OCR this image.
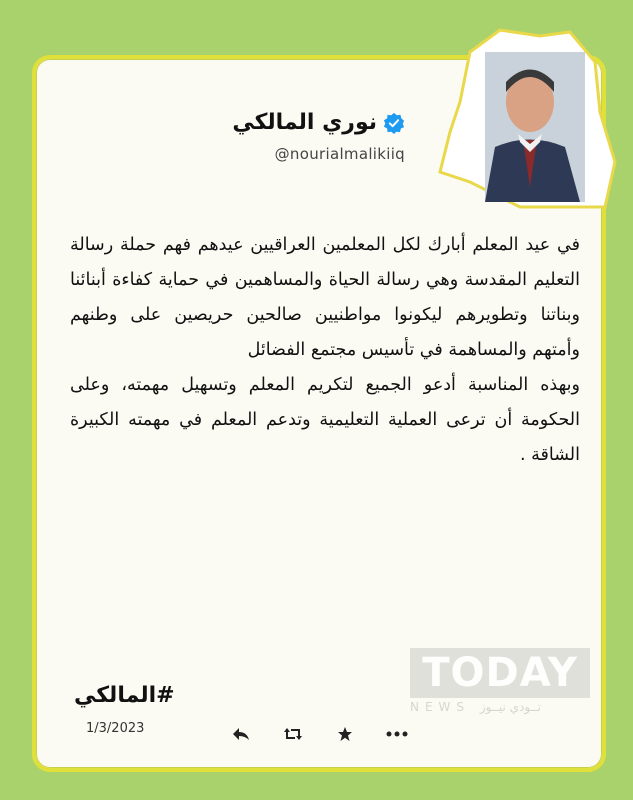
نوري المالكي
@nourialmalikiiq

في عيد المعلم أبارك لكل المعلمين العراقيين عيدهم فهم حملة رسالة التعليم المقدسة وهي رسالة الحياة والمساهمين في حماية كفاءة أبنائنا وبناتنا وتطويرهم ليكونوا مواطنيين صالحين حريصين على وطنهم وأمتهم والمساهمة في تأسيس مجتمع الفضائل

وبهذه المناسبة أدعو الجميع لتكريم المعلم وتسهيل مهمته، وعلى الحكومة أن ترعى العملية التعليمية وتدعم المعلم في مهمته الكبيرة الشاقة .

#المالكي
1/3/2023
TODAY
NEWS تــودي نيــوز
